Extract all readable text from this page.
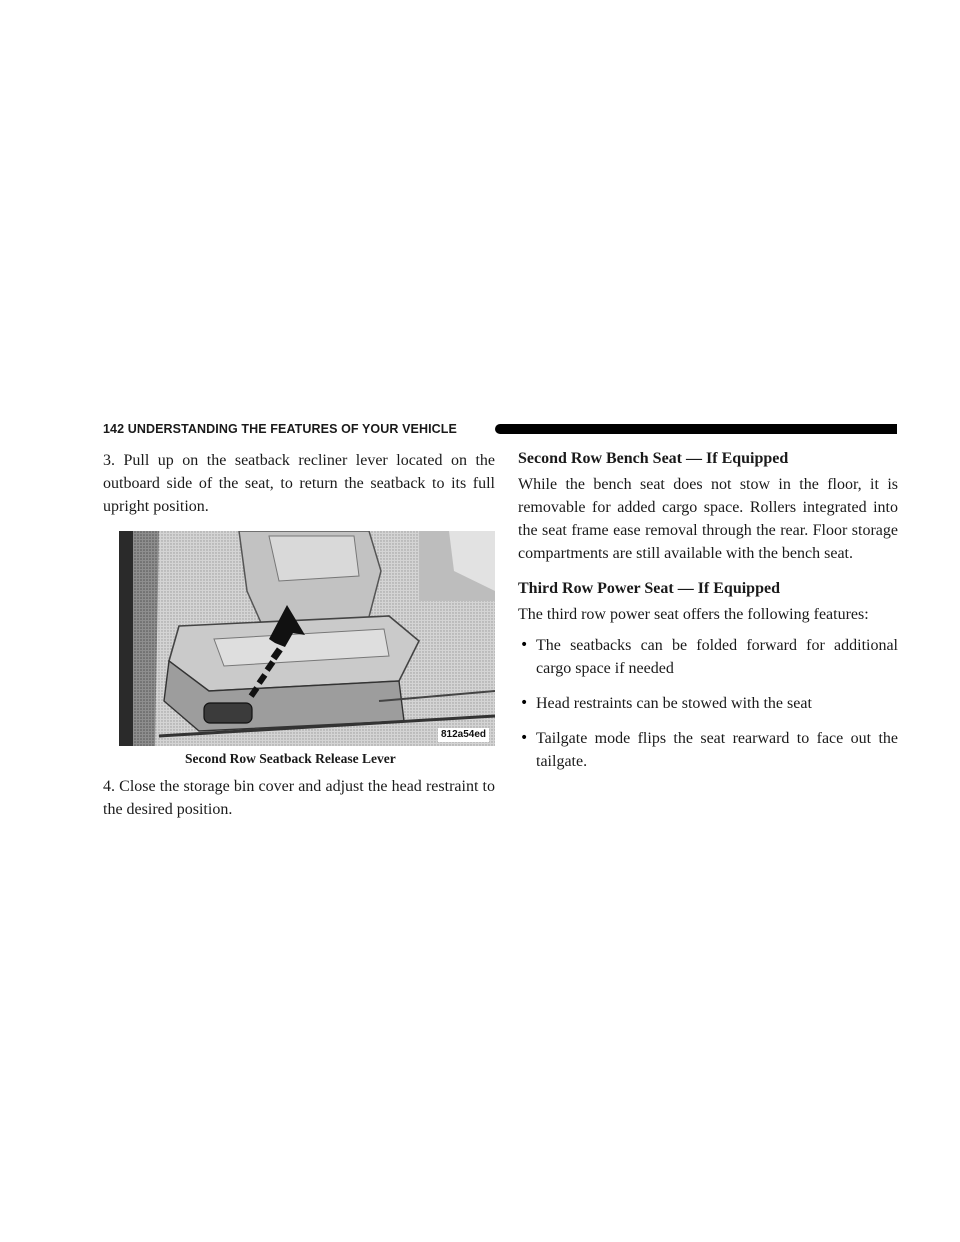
142 UNDERSTANDING THE FEATURES OF YOUR VEHICLE

3. Pull up on the seatback recliner lever located on the outboard side of the seat, to return the seatback to its full upright position.

812a54ed

Second Row Seatback Release Lever

4. Close the storage bin cover and adjust the head restraint to the desired position.

Second Row Bench Seat — If Equipped

While the bench seat does not stow in the floor, it is removable for added cargo space. Rollers integrated into the seat frame ease removal through the rear. Floor storage compartments are still available with the bench seat.

Third Row Power Seat — If Equipped

The third row power seat offers the following features:

• The seatbacks can be folded forward for additional cargo space if needed
• Head restraints can be stowed with the seat
• Tailgate mode flips the seat rearward to face out the tailgate.
